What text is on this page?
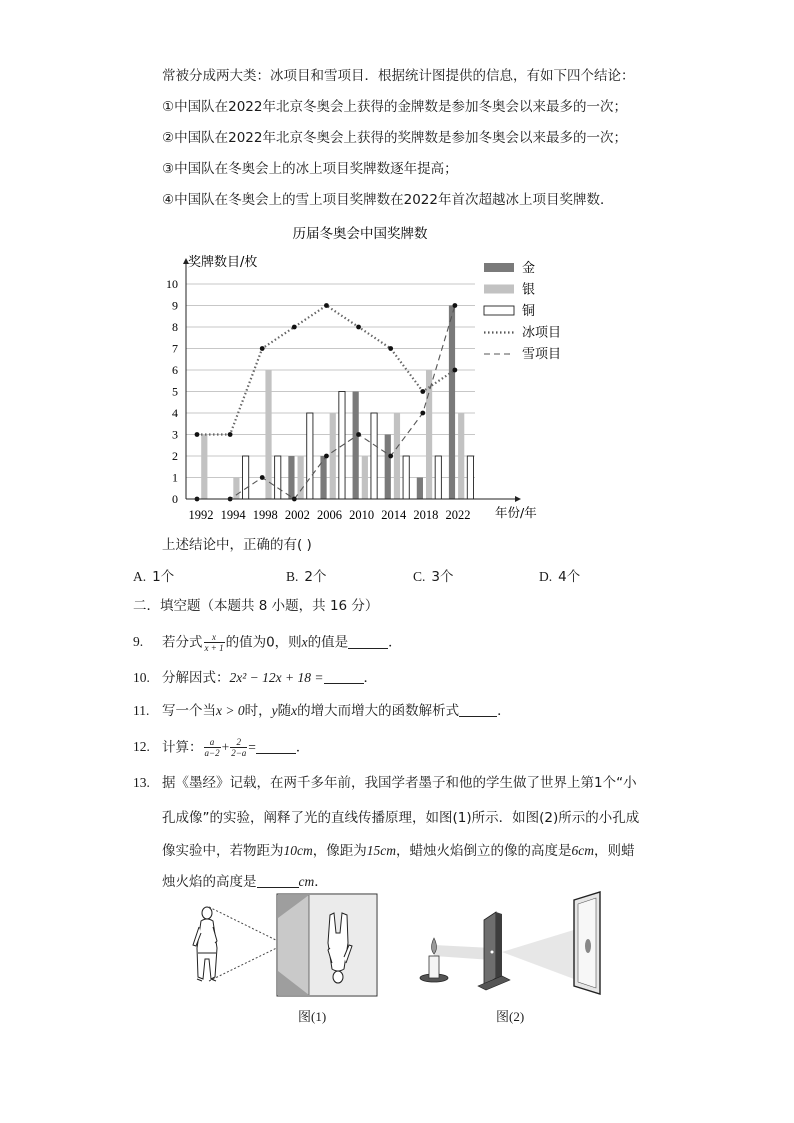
常被分成两大类：冰项目和雪项目．根据统计图提供的信息，有如下四个结论：
①中国队在2022年北京冬奥会上获得的金牌数是参加冬奥会以来最多的一次；
②中国队在2022年北京冬奥会上获得的奖牌数是参加冬奥会以来最多的一次；
③中国队在冬奥会上的冰上项目奖牌数逐年提高；
④中国队在冬奥会上的雪上项目奖牌数在2022年首次超越冰上项目奖牌数．
历届冬奥会中国奖牌数
奖牌数目/枚
年份/年
0
1
2
3
4
5
6
7
8
9
10
1992 1994 1998 2002 2006 2010 2014 2018 2022
金
银
铜
冰项目
雪项目
上述结论中，正确的有( )
A. 1个	B. 2个	C. 3个	D. 4个
二．填空题（本题共 8 小题，共 16 分）
9. 若分式 $\frac{x}{x + 1}$ 的值为0，则x的值是	．
10. 分解因式：2x² − 12x + 18 =	．
11. 写一个当x > 0时，y随x的增大而增大的函数解析式	．
12. 计算： $\frac{a}{a-2} + \frac{2}{2-a}$ =	．
13. 据《墨经》记载，在两千多年前，我国学者墨子和他的学生做了世界上第1个“小
孔成像”的实验，阐释了光的直线传播原理，如图(1)所示．如图(2)所示的小孔成
像实验中，若物距为10cm，像距为15cm，蜡烛火焰倒立的像的高度是6cm，则蜡
烛火焰的高度是	cm．
图(1)	图(2)
